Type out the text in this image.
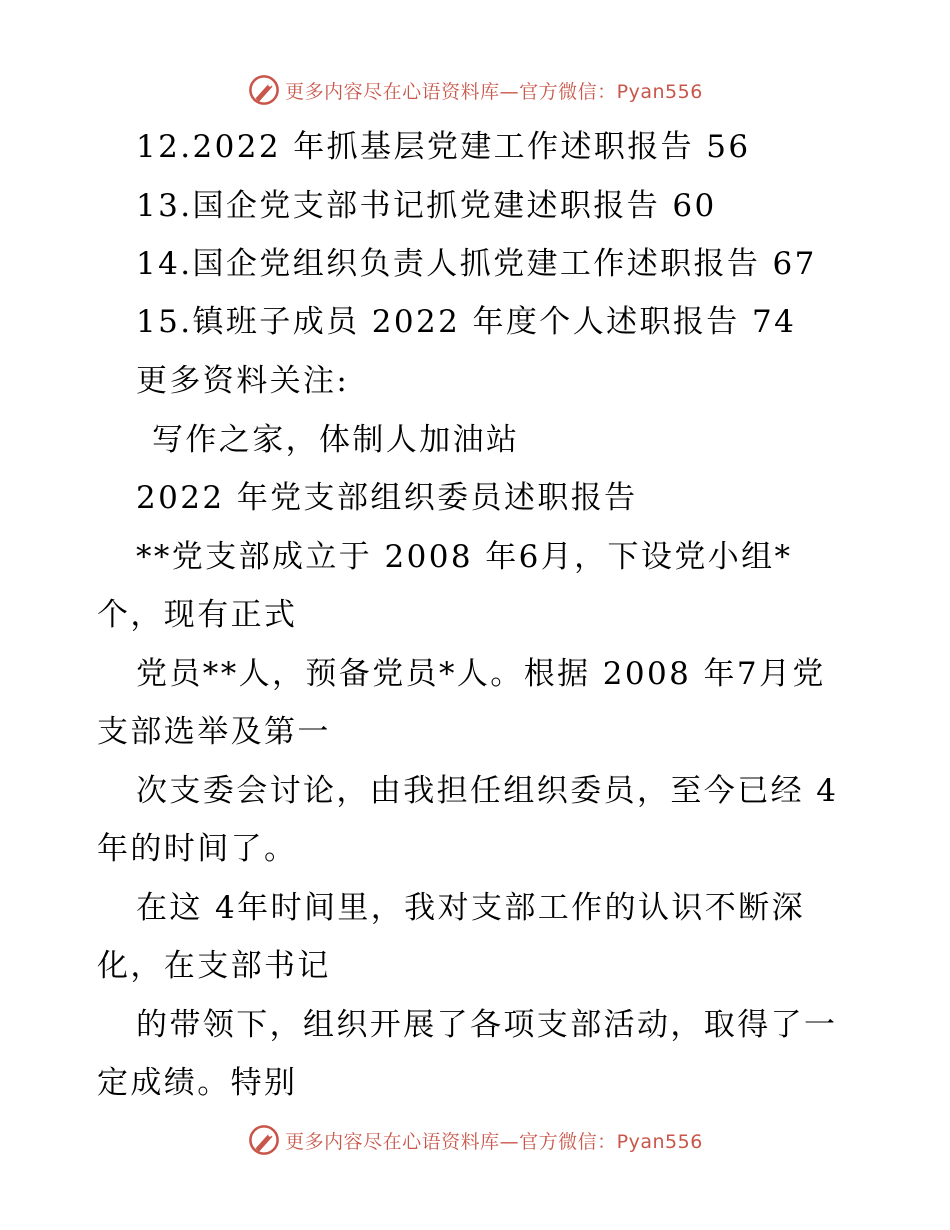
更多内容尽在心语资料库—官方微信：Pyan556
12.2022 年抓基层党建工作述职报告 56
13.国企党支部书记抓党建述职报告 60
14.国企党组织负责人抓党建工作述职报告 67
15.镇班子成员 2022 年度个人述职报告 74
更多资料关注:
写作之家，体制人加油站
2022 年党支部组织委员述职报告
**党支部成立于 2008 年6月，下设党小组*
个，现有正式
党员**人，预备党员*人。根据 2008 年7月党
支部选举及第一
次支委会讨论，由我担任组织委员，至今已经 4
年的时间了。
在这 4年时间里，我对支部工作的认识不断深
化，在支部书记
的带领下，组织开展了各项支部活动，取得了一
定成绩。特别
更多内容尽在心语资料库—官方微信：Pyan556
